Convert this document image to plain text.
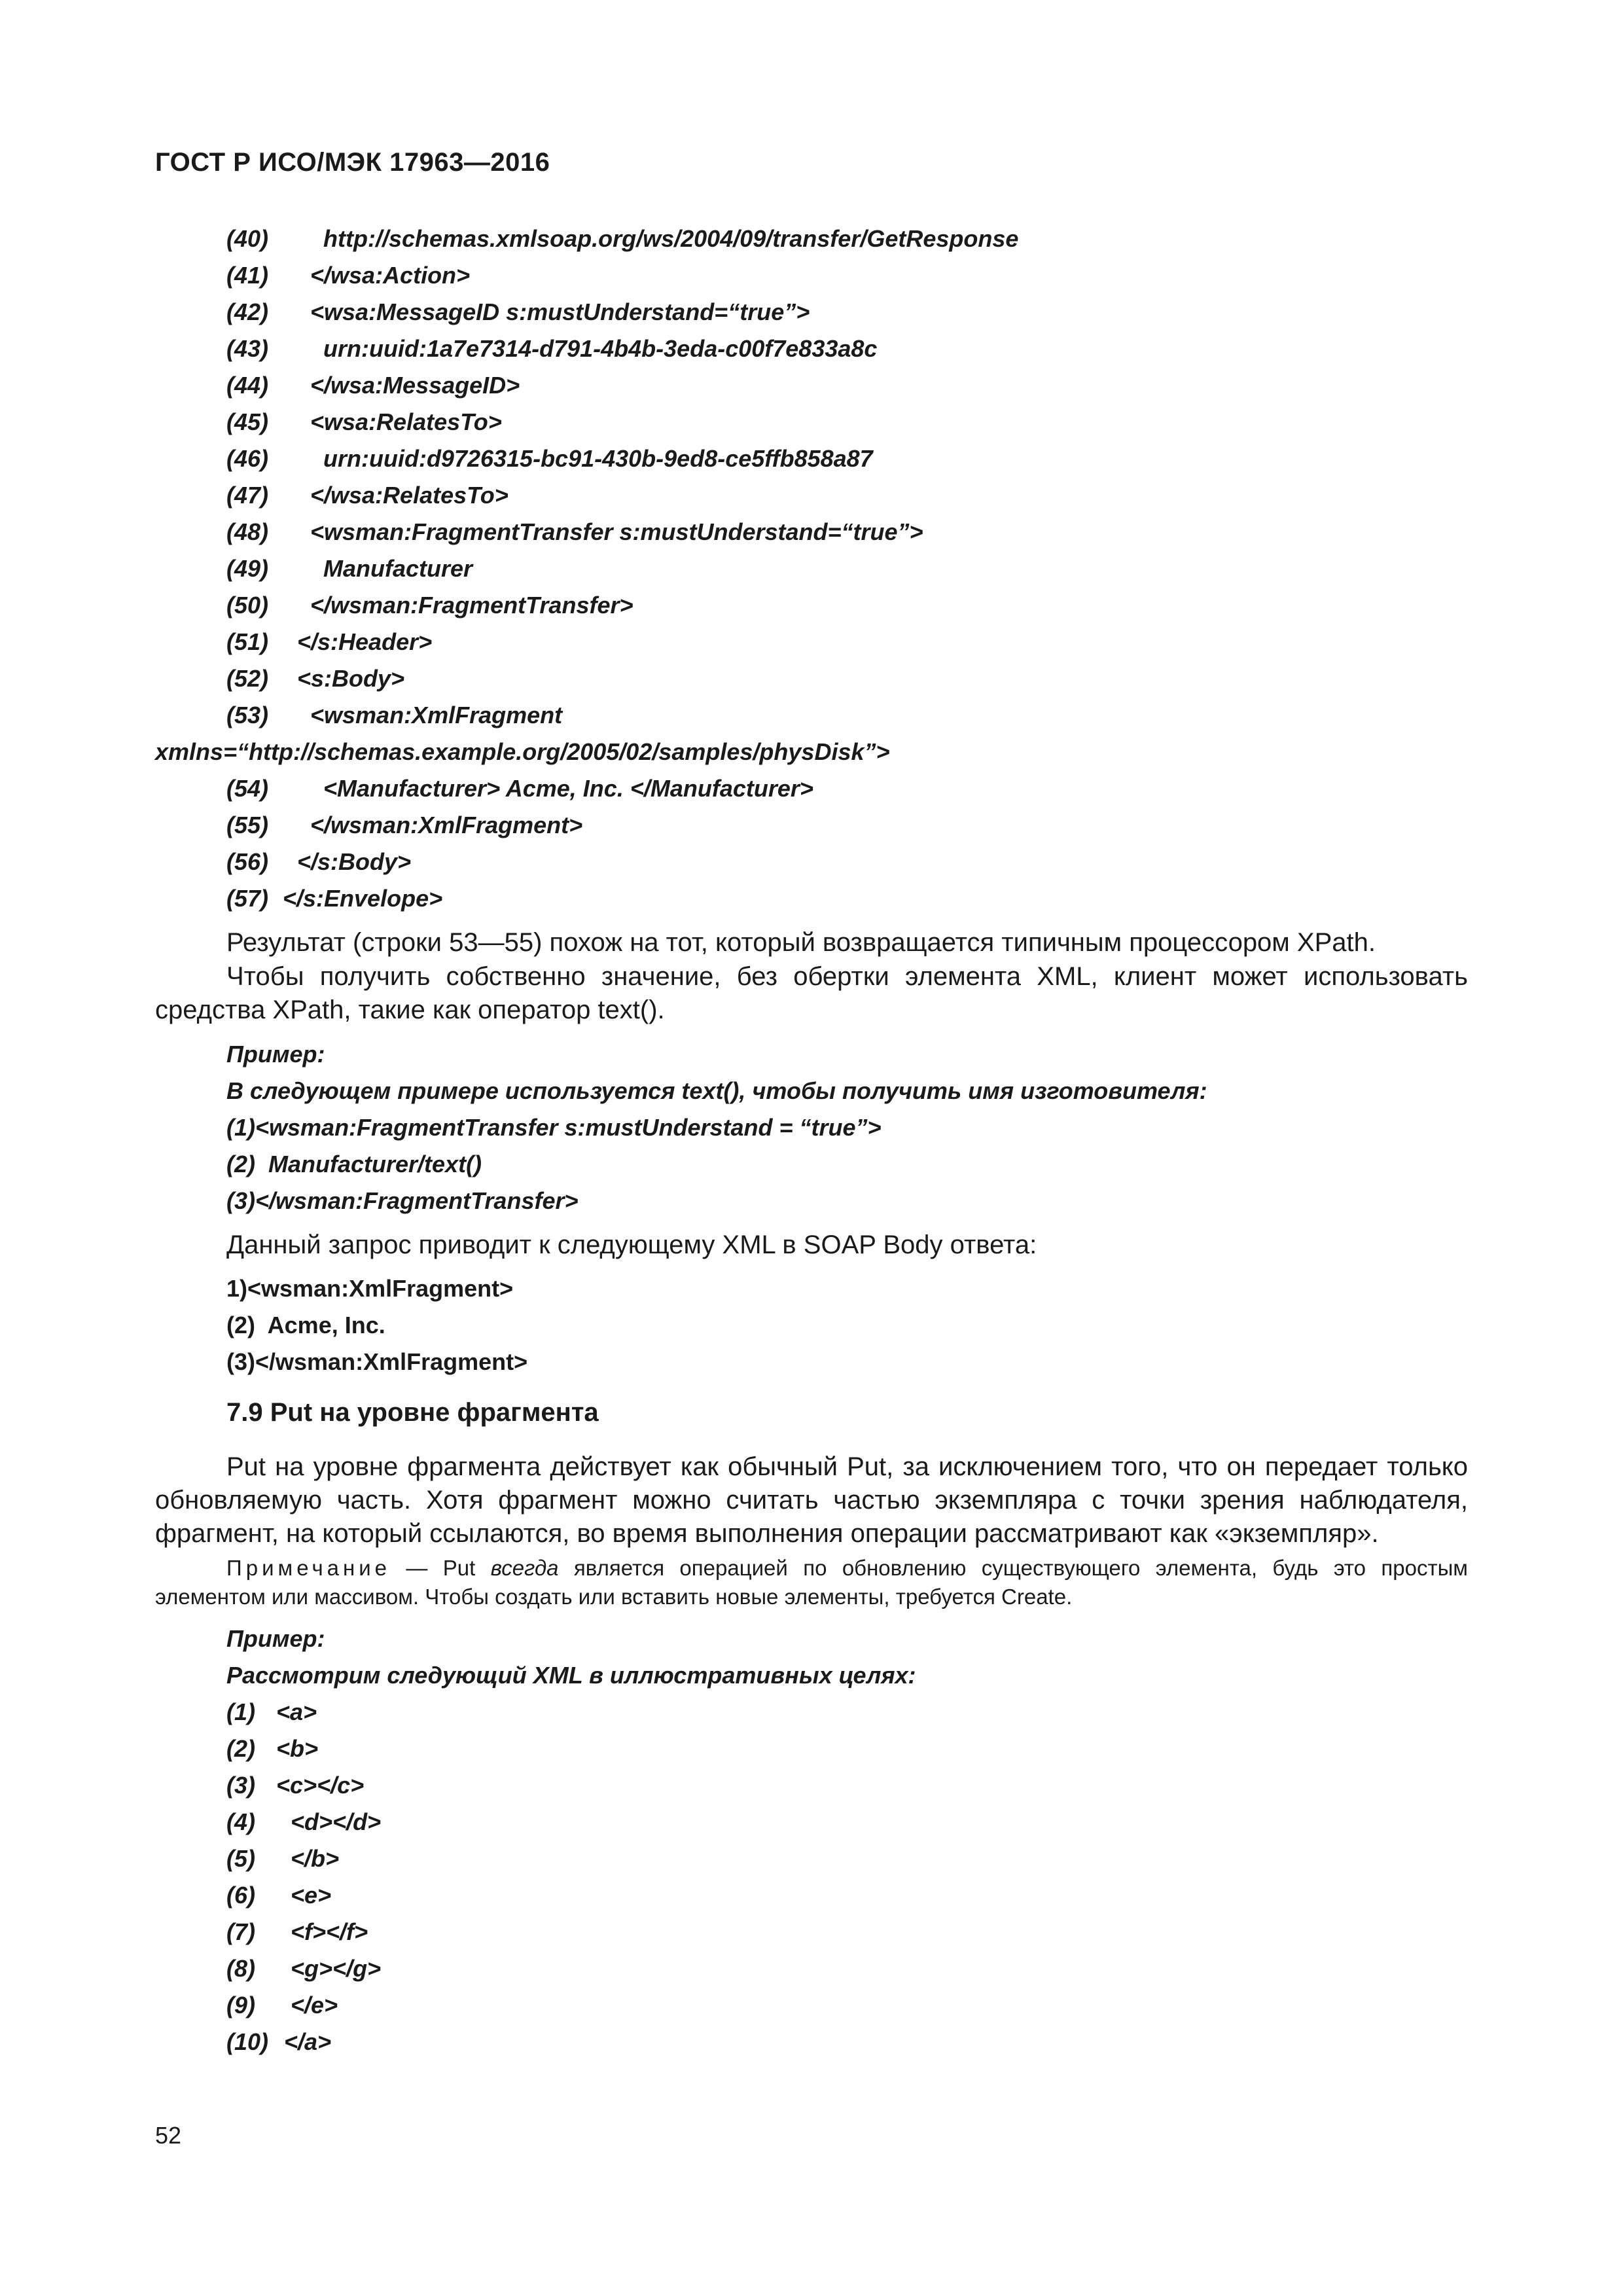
ГОСТ Р ИСО/МЭК 17963—2016
(40) http://schemas.xmlsoap.org/ws/2004/09/transfer/GetResponse
(41) </wsa:Action>
(42) <wsa:MessageID s:mustUnderstand=“true”>
(43) urn:uuid:1a7e7314-d791-4b4b-3eda-c00f7e833a8c
(44) </wsa:MessageID>
(45) <wsa:RelatesTo>
(46) urn:uuid:d9726315-bc91-430b-9ed8-ce5ffb858a87
(47) </wsa:RelatesTo>
(48) <wsman:FragmentTransfer s:mustUnderstand=“true”>
(49) Manufacturer
(50) </wsman:FragmentTransfer>
(51) </s:Header>
(52) <s:Body>
(53) <wsman:XmlFragment
xmlns=“http://schemas.example.org/2005/02/samples/physDisk”>
(54) <Manufacturer> Acme, Inc. </Manufacturer>
(55) </wsman:XmlFragment>
(56) </s:Body>
(57) </s:Envelope>
Результат (строки 53—55) похож на тот, который возвращается типичным процессором XPath.
Чтобы получить собственно значение, без обертки элемента XML, клиент может использовать средства XPath, такие как оператор text().
Пример:
В следующем примере используется text(), чтобы получить имя изготовителя:
(1)<wsman:FragmentTransfer s:mustUnderstand = “true”>
(2)  Manufacturer/text()
(3)</wsman:FragmentTransfer>
Данный запрос приводит к следующему XML в SOAP Body ответа:
1)<wsman:XmlFragment>
(2)  Acme, Inc.
(3)</wsman:XmlFragment>
7.9 Put на уровне фрагмента
Put на уровне фрагмента действует как обычный Put, за исключением того, что он передает только обновляемую часть. Хотя фрагмент можно считать частью экземпляра с точки зрения наблюдателя, фрагмент, на который ссылаются, во время выполнения операции рассматривают как «экземпляр».
Примечание — Put всегда является операцией по обновлению существующего элемента, будь это простым элементом или массивом. Чтобы создать или вставить новые элементы, требуется Create.
Пример:
Рассмотрим следующий XML в иллюстративных целях:
(1) <a>
(2) <b>
(3) <c></c>
(4) <d></d>
(5) </b>
(6) <e>
(7) <f></f>
(8) <g></g>
(9) </e>
(10) </a>
52
